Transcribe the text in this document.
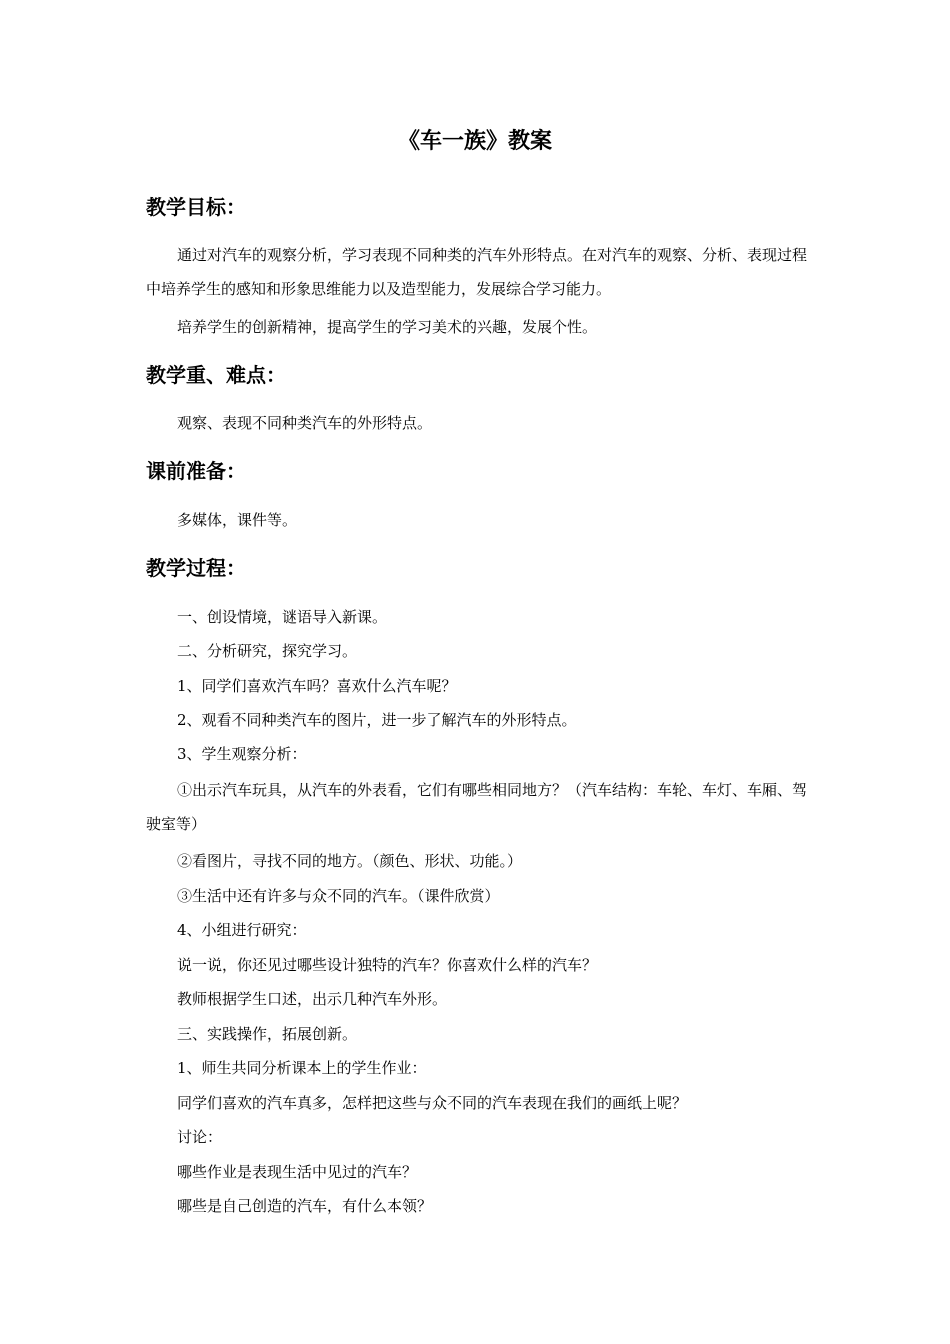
《车一族》教案
教学目标：

通过对汽车的观察分析，学习表现不同种类的汽车外形特点。在对汽车的观察、分析、表现过程中培养学生的感知和形象思维能力以及造型能力，发展综合学习能力。

培养学生的创新精神，提高学生的学习美术的兴趣，发展个性。

教学重、难点：

观察、表现不同种类汽车的外形特点。

课前准备：

多媒体，课件等。

教学过程：

一、创设情境，谜语导入新课。

二、分析研究，探究学习。

1、同学们喜欢汽车吗？喜欢什么汽车呢？

2、观看不同种类汽车的图片，进一步了解汽车的外形特点。

3、学生观察分析：

①出示汽车玩具，从汽车的外表看，它们有哪些相同地方？（汽车结构：车轮、车灯、车厢、驾驶室等）

②看图片，寻找不同的地方。（颜色、形状、功能。）

③生活中还有许多与众不同的汽车。（课件欣赏）

4、小组进行研究：

说一说，你还见过哪些设计独特的汽车？你喜欢什么样的汽车？

教师根据学生口述，出示几种汽车外形。

三、实践操作，拓展创新。

1、师生共同分析课本上的学生作业：

同学们喜欢的汽车真多，怎样把这些与众不同的汽车表现在我们的画纸上呢？

讨论：

哪些作业是表现生活中见过的汽车？

哪些是自己创造的汽车，有什么本领？
